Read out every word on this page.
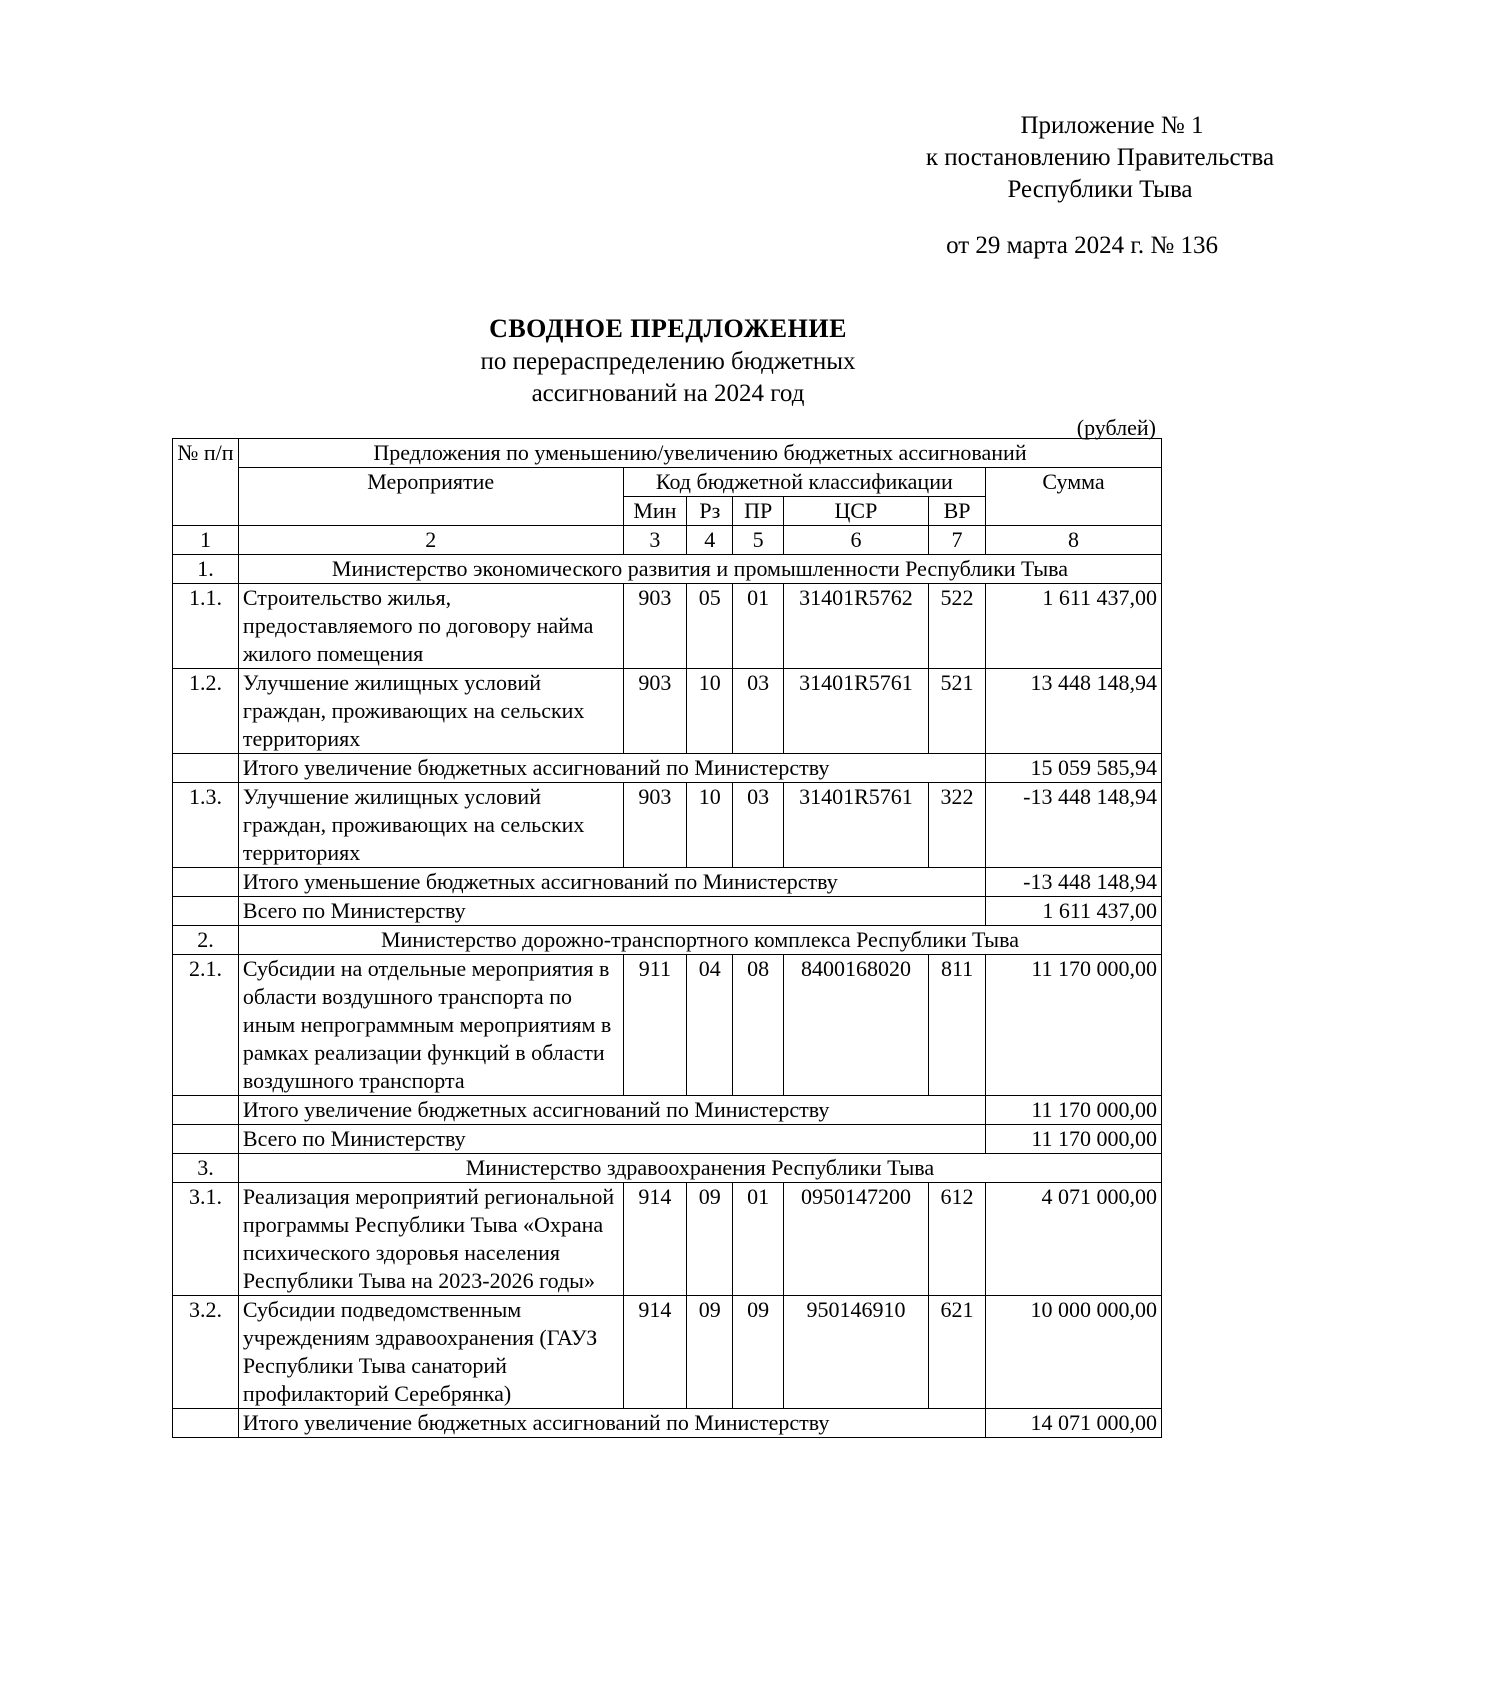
Приложение № 1
к постановлению Правительства
Республики Тыва
от 29 марта 2024 г. № 136
СВОДНОЕ ПРЕДЛОЖЕНИЕ
по перераспределению бюджетных
ассигнований на 2024 год
(рублей)
№ п/п	Предложения по уменьшению/увеличению бюджетных ассигнований						
	Мероприятие	Код бюджетной классификации					Сумма
		Мин	Рз	ПР	ЦСР	ВР	
1	2	3	4	5	6	7	8
1.	Министерство экономического развития и промышленности Республики Тыва						
1.1.	Строительство жилья, предоставляемого по договору найма жилого помещения	903	05	01	31401R5762	522	1 611 437,00
1.2.	Улучшение жилищных условий граждан, проживающих на сельских территориях	903	10	03	31401R5761	521	13 448 148,94
	Итого увеличение бюджетных ассигнований по Министерству						15 059 585,94
1.3.	Улучшение жилищных условий граждан, проживающих на сельских территориях	903	10	03	31401R5761	322	-13 448 148,94
	Итого уменьшение бюджетных ассигнований по Министерству						-13 448 148,94
	Всего по Министерству						1 611 437,00
2.	Министерство дорожно-транспортного комплекса Республики Тыва						
2.1.	Субсидии на отдельные мероприятия в области воздушного транспорта по иным непрограммным мероприятиям в рамках реализации функций в области воздушного транспорта	911	04	08	8400168020	811	11 170 000,00
	Итого увеличение бюджетных ассигнований по Министерству						11 170 000,00
	Всего по Министерству						11 170 000,00
3.	Министерство здравоохранения Республики Тыва						
3.1.	Реализация мероприятий региональной программы Республики Тыва «Охрана психического здоровья населения Республики Тыва на 2023-2026 годы»	914	09	01	0950147200	612	4 071 000,00
3.2.	Субсидии подведомственным учреждениям здравоохранения (ГАУЗ Республики Тыва санаторий профилакторий Серебрянка)	914	09	09	950146910	621	10 000 000,00
	Итого увеличение бюджетных ассигнований по Министерству						14 071 000,00
